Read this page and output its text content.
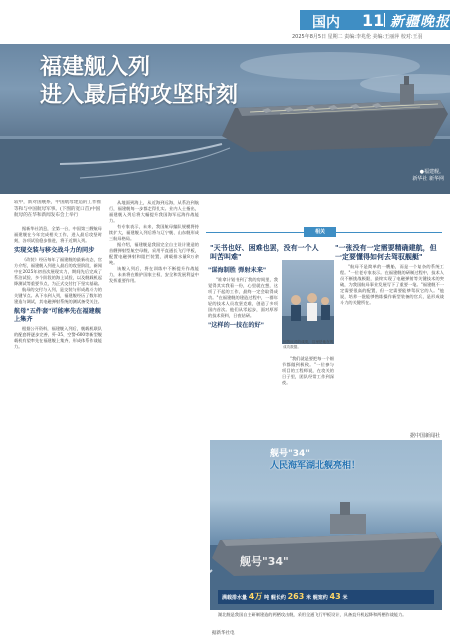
国内 11 新疆晚报
2025年8月5日 星期二 责编:李兆伦 美编:王丽萍 校对:王羽
福建舰入列
进入最后的攻坚时刻
●福建舰。
新华社 新华网
较中，新对国舰系，中国航母建造的工作推等和与中国航母军事。(下图的宽口首)中国航母的在华和新闻发布会上举行

据新华社消息，全第一台，中国第三艘航母福建舰在今年完成相关工作，进入最后攻坚时刻，各项试验稳步推进，将于近期入列。

实现交装与移交战斗力的同步

《改装》经历每年了福建舰的最新动态，官方介绍，福建舰入列进入最后的攻坚阶段，新闻中在2025年初首次展现实力，期间先后完成了系泊试验、多个阶段的海上试验，以及舰载机起降测试等重要节点，为正式交付打下坚实基础。

航母的交付与入列，是交装与形成战斗力的关键节点。从下水到入列，福建舰经历了数年的建造与调试，其电磁弹射系统的测试备受关注。

航母"五件套"可能率先在福建舰上集齐

根据公开资料，福建舰入列后，舰载机联队的配套将逐步完善，歼-35、空警-600等新型舰载机有望率先在福建舰上集齐，形成体系作战能力。

从地面到海上，从近海到远海，从系泊到航行，福建舰每一步都走得扎实。业内人士指出，福建舰入列后将大幅提升我国海军远海作战能力。

有专家表示，未来，我国航母编队规模将持续扩大，福建舰入列后将与辽宁舰、山东舰形成三航母格局。

据介绍，福建舰是我国完全自主设计建造的首艘弹射型航空母舰，采用平直通长飞行甲板，配置电磁弹射和阻拦装置，满载排水量8万余吨。

该舰入列后，将在训练中不断提升作战能力，未来将在维护国家主权、安全和发展利益中发挥重要作用。

相关
"天书也好、困难也罢，没有一个人叫苦叫难"
"一张没有一定需要精确建航，但一定要懂得如何去驾驭舰艇"
"谋海制胜 弹射未来"

"谁拿计划书到了我的房间里，我觉得其实我看一份，心里就在想，这项了不起的工作，最终一定会取得成功。"在福建舰的建造过程中，一群年轻的技术人员攻坚克难，创造了多项国内首次。他们从零起步，面对厚厚的技术资料，日夜钻研。

"这样的一技在的好"
回答反对的成绩，这里是他在的成功数据。

"我们就是要把每一个细节都做到极致。"一位参与项目的工程师说，在攻关的日子里，团队经常工作到深夜。

"航母不是简单的一艘船，而是一个复杂的系统工程。"一位老专家表示。在福建舰的研制过程中，技术人员不断挑战极限，最终实现了电磁弹射等关键技术的突破，为我国航母事业发展写下了重要一笔。"福建舰不一定需要很高的配置，但一定需要能够驾驭它的人。"他说，培养一批能够熟练操作新型装备的官兵，是形成战斗力的关键所在。

据中国新闻社
舰号"34"
舰号"34"
人民海军湖北舰亮相！
满载排水量 4万 吨 舰长约 263 米 舰宽约 43 米

湖北舰是我国自主研制建造的两栖攻击舰，采用全通飞行甲板设计，具备直升机起降和两栖作战能力。

据新华社电
